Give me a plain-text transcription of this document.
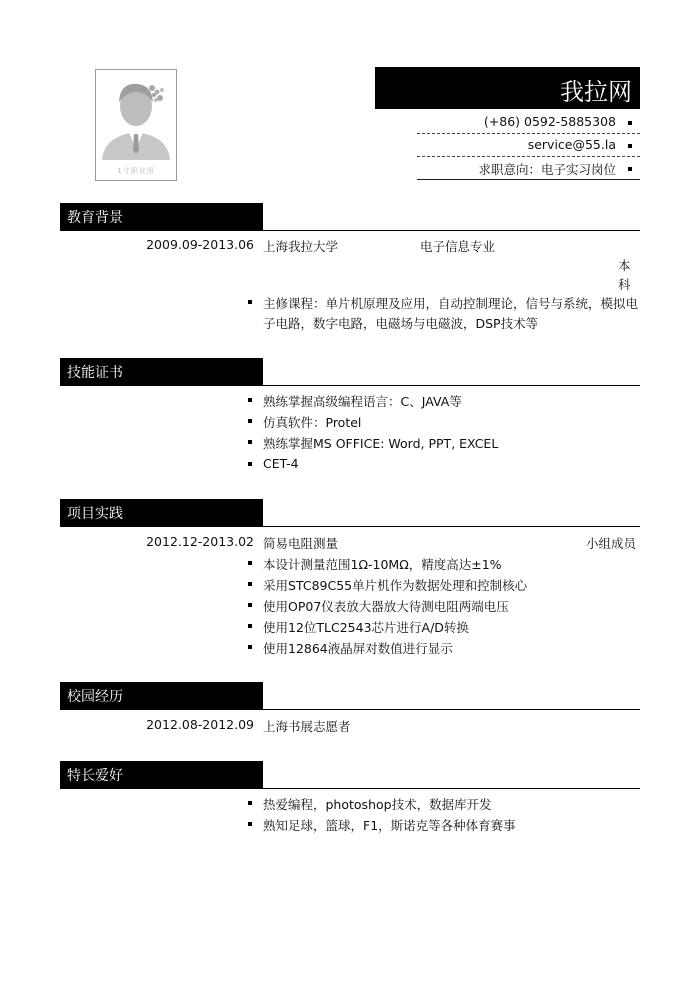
1寸职业照
我拉网
(+86) 0592-5885308
service@55.la
求职意向：电子实习岗位
教育背景
2009.09-2013.06 上海我拉大学	电子信息专业
本
科
主修课程：单片机原理及应用，自动控制理论，信号与系统，模拟电
子电路，数字电路，电磁场与电磁波，DSP技术等
技能证书
熟练掌握高级编程语言：C、JAVA等
仿真软件：Protel
熟练掌握MS OFFICE: Word, PPT, EXCEL
CET-4
项目实践
2012.12-2013.02 简易电阻测量	小组成员
本设计测量范围1Ω-10MΩ，精度高达±1%
采用STC89C55单片机作为数据处理和控制核心
使用OP07仪表放大器放大待测电阻两端电压
使用12位TLC2543芯片进行A/D转换
使用12864液晶屏对数值进行显示
校园经历
2012.08-2012.09 上海书展志愿者
特长爱好
热爱编程，photoshop技术，数据库开发
熟知足球，篮球，F1，斯诺克等各种体育赛事
